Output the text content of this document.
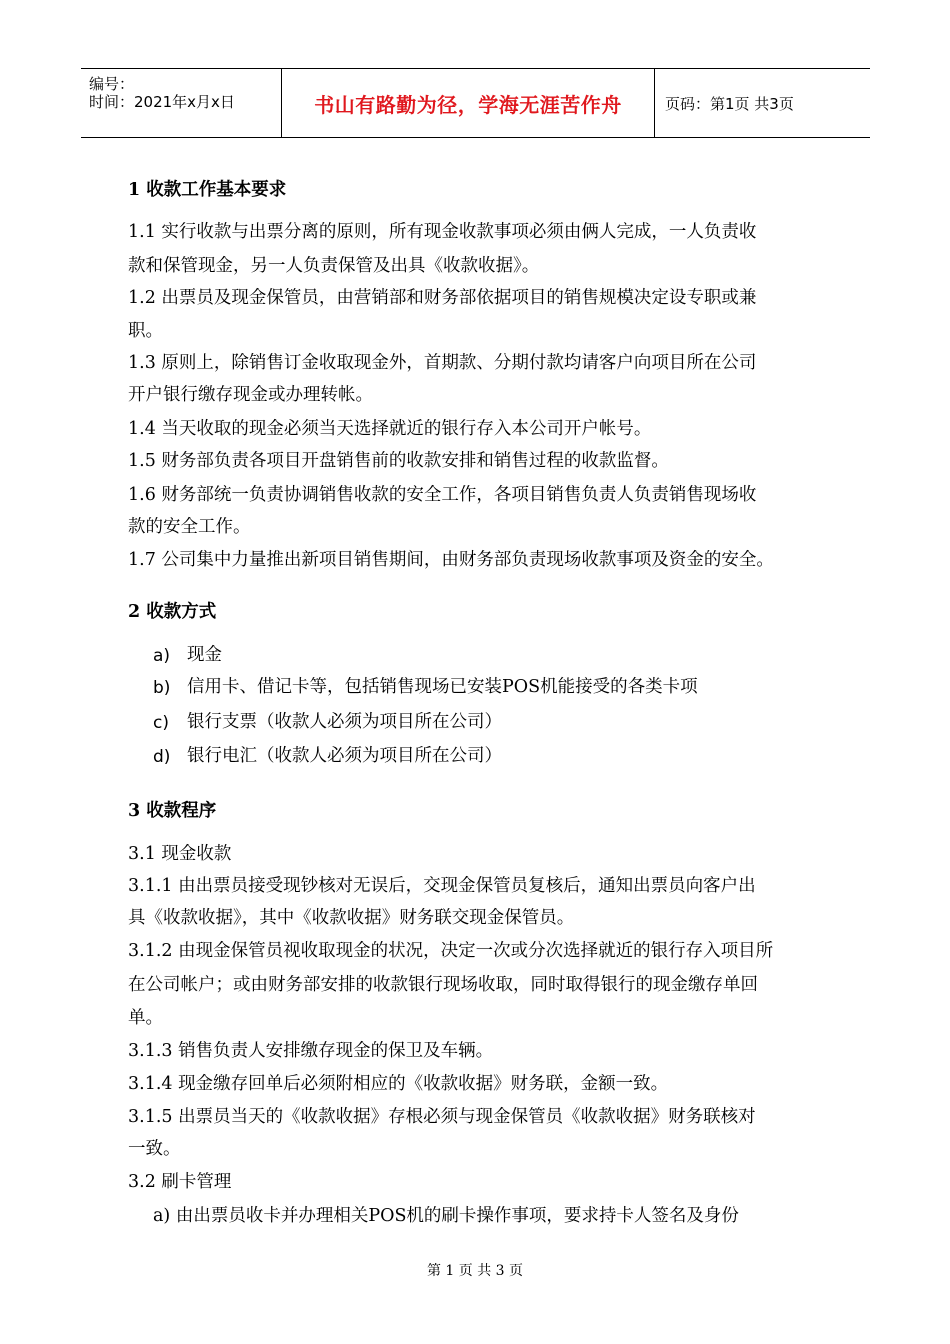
编号：
时间：2021年x月x日	书山有路勤为径，学海无涯苦作舟	页码：第1页 共3页
1 收款工作基本要求
1.1 实行收款与出票分离的原则，所有现金收款事项必须由俩人完成，一人负责收
款和保管现金，另一人负责保管及出具《收款收据》。
1.2 出票员及现金保管员，由营销部和财务部依据项目的销售规模决定设专职或兼
职。
1.3 原则上，除销售订金收取现金外，首期款、分期付款均请客户向项目所在公司
开户银行缴存现金或办理转帐。
1.4 当天收取的现金必须当天选择就近的银行存入本公司开户帐号。
1.5 财务部负责各项目开盘销售前的收款安排和销售过程的收款监督。
1.6 财务部统一负责协调销售收款的安全工作，各项目销售负责人负责销售现场收
款的安全工作。
1.7 公司集中力量推出新项目销售期间，由财务部负责现场收款事项及资金的安全。
2 收款方式
a) 现金
b) 信用卡、借记卡等，包括销售现场已安装POS机能接受的各类卡项
c) 银行支票（收款人必须为项目所在公司）
d) 银行电汇（收款人必须为项目所在公司）
3 收款程序
3.1 现金收款
3.1.1 由出票员接受现钞核对无误后，交现金保管员复核后，通知出票员向客户出
具《收款收据》，其中《收款收据》财务联交现金保管员。
3.1.2 由现金保管员视收取现金的状况，决定一次或分次选择就近的银行存入项目所
在公司帐户；或由财务部安排的收款银行现场收取，同时取得银行的现金缴存单回
单。
3.1.3 销售负责人安排缴存现金的保卫及车辆。
3.1.4 现金缴存回单后必须附相应的《收款收据》财务联，金额一致。
3.1.5 出票员当天的《收款收据》存根必须与现金保管员《收款收据》财务联核对
一致。
3.2 刷卡管理
a) 由出票员收卡并办理相关POS机的刷卡操作事项，要求持卡人签名及身份
第 1 页 共 3 页
